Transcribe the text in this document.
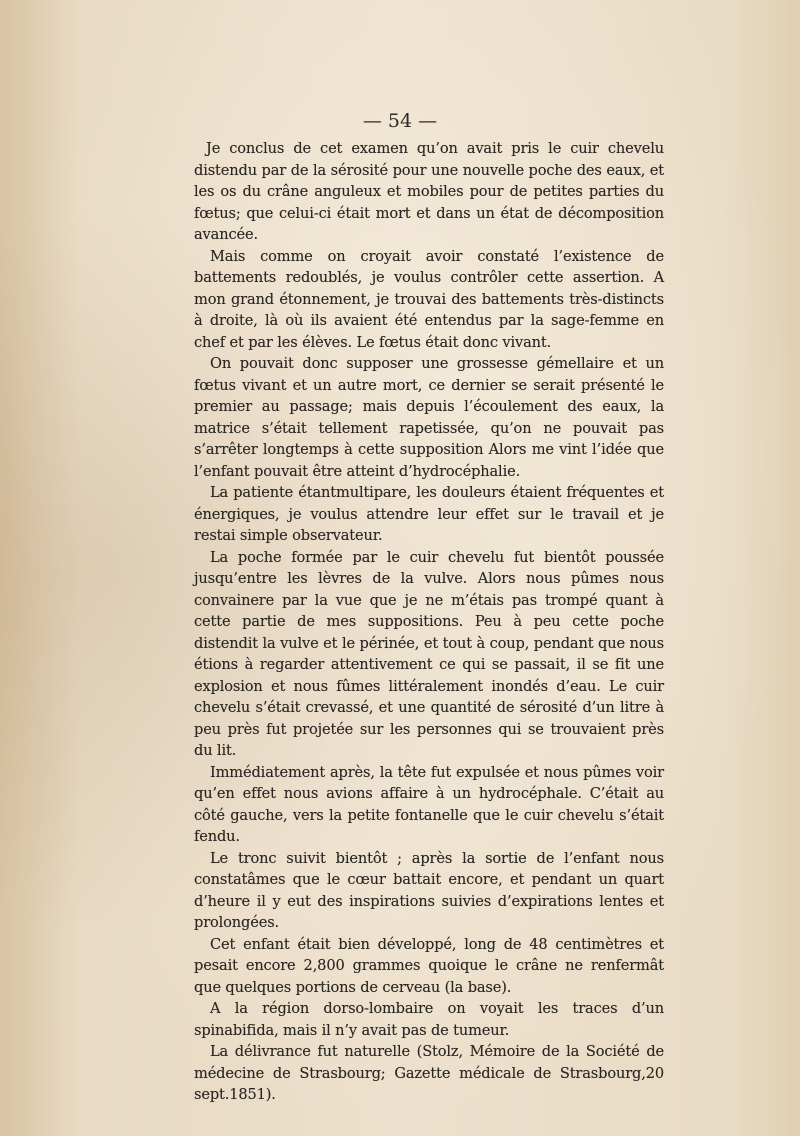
— 54 —

Je conclus de cet examen qu’on avait pris le cuir chevelu distendu par de la sérosité pour une nouvelle poche des eaux, et les os du crâne anguleux et mobiles pour de petites parties du fœtus; que celui-ci était mort et dans un état de décomposition avancée.

Mais comme on croyait avoir constaté l’existence de battements redoublés, je voulus contrôler cette assertion. A mon grand étonnement, je trouvai des battements très-distincts à droite, là où ils avaient été entendus par la sage-femme en chef et par les élèves. Le fœtus était donc vivant.

On pouvait donc supposer une grossesse gémellaire et un fœtus vivant et un autre mort, ce dernier se serait présenté le premier au passage; mais depuis l’écoulement des eaux, la matrice s’était tellement rapetissée, qu’on ne pouvait pas s’arrêter longtemps à cette supposition Alors me vint l’idée que l’enfant pouvait être atteint d’hydrocéphalie.

La patiente étantmultipare, les douleurs étaient fréquentes et énergiques, je voulus attendre leur effet sur le travail et je restai simple observateur.

La poche formée par le cuir chevelu fut bientôt poussée jusqu’entre les lèvres de la vulve. Alors nous pûmes nous convainere par la vue que je ne m’étais pas trompé quant à cette partie de mes suppositions. Peu à peu cette poche distendit la vulve et le périnée, et tout à coup, pendant que nous étions à regarder attentivement ce qui se passait, il se fit une explosion et nous fûmes littéralement inondés d’eau. Le cuir chevelu s’était crevassé, et une quantité de sérosité d’un litre à peu près fut projetée sur les personnes qui se trouvaient près du lit.

Immédiatement après, la tête fut expulsée et nous pûmes voir qu’en effet nous avions affaire à un hydrocéphale. C’était au côté gauche, vers la petite fontanelle que le cuir chevelu s’était fendu.

Le tronc suivit bientôt ; après la sortie de l’enfant nous constatâmes que le cœur battait encore, et pendant un quart d’heure il y eut des inspirations suivies d’expirations lentes et prolongées.

Cet enfant était bien développé, long de 48 centimètres et pesait encore 2,800 grammes quoique le crâne ne renfermât que quelques portions de cerveau (la base).

A la région dorso-lombaire on voyait les traces d’un spinabifida, mais il n’y avait pas de tumeur.

La délivrance fut naturelle (Stolz, Mémoire de la Société de médecine de Strasbourg; Gazette médicale de Strasbourg,20 sept.1851).
